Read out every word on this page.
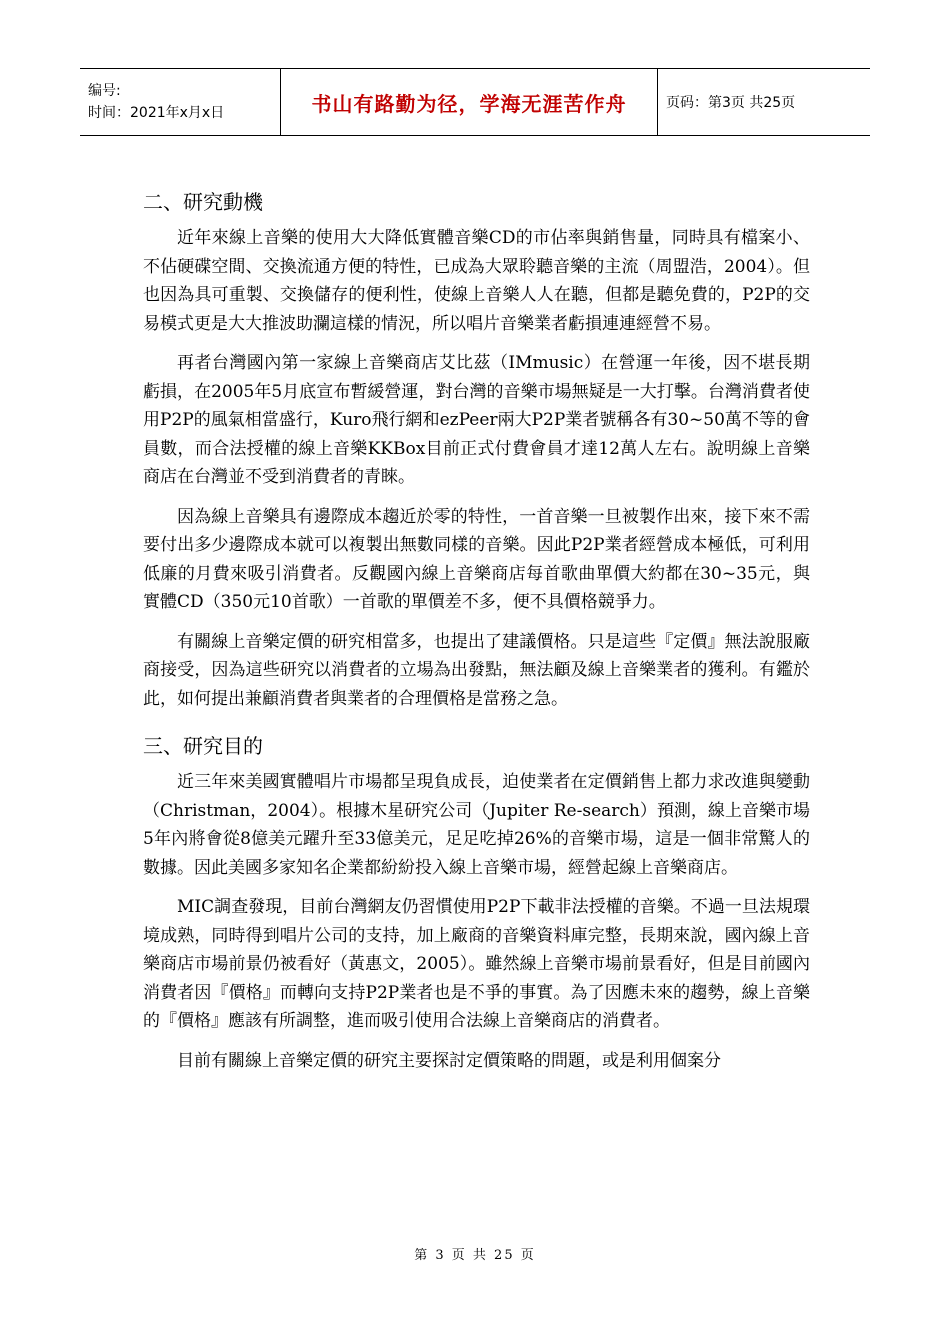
编号:
时间：2021年x月x日	书山有路勤为径，学海无涯苦作舟	页码：第3页 共25页
二、研究動機

近年來線上音樂的使用大大降低實體音樂CD的市佔率與銷售量，同時具有檔案小、不佔硬碟空間、交換流通方便的特性，已成為大眾聆聽音樂的主流（周盟浩，2004）。但也因為具可重製、交換儲存的便利性，使線上音樂人人在聽，但都是聽免費的，P2P的交易模式更是大大推波助瀾這樣的情況，所以唱片音樂業者虧損連連經營不易。

再者台灣國內第一家線上音樂商店艾比茲（IMmusic）在營運一年後，因不堪長期虧損，在2005年5月底宣布暫緩營運，對台灣的音樂市場無疑是一大打擊。台灣消費者使用P2P的風氣相當盛行，Kuro飛行網和ezPeer兩大P2P業者號稱各有30~50萬不等的會員數，而合法授權的線上音樂KKBox目前正式付費會員才達12萬人左右。說明線上音樂商店在台灣並不受到消費者的青睞。

因為線上音樂具有邊際成本趨近於零的特性，一首音樂一旦被製作出來，接下來不需要付出多少邊際成本就可以複製出無數同樣的音樂。因此P2P業者經營成本極低，可利用低廉的月費來吸引消費者。反觀國內線上音樂商店每首歌曲單價大約都在30~35元，與實體CD（350元10首歌）一首歌的單價差不多，便不具價格競爭力。

有關線上音樂定價的研究相當多，也提出了建議價格。只是這些『定價』無法說服廠商接受，因為這些研究以消費者的立場為出發點，無法顧及線上音樂業者的獲利。有鑑於此，如何提出兼顧消費者與業者的合理價格是當務之急。

三、研究目的

近三年來美國實體唱片市場都呈現負成長，迫使業者在定價銷售上都力求改進與變動（Christman，2004）。根據木星研究公司（Jupiter Re-search）預測，線上音樂市場5年內將會從8億美元躍升至33億美元，足足吃掉26%的音樂市場，這是一個非常驚人的數據。因此美國多家知名企業都紛紛投入線上音樂市場，經營起線上音樂商店。

MIC調查發現，目前台灣網友仍習慣使用P2P下載非法授權的音樂。不過一旦法規環境成熟，同時得到唱片公司的支持，加上廠商的音樂資料庫完整，長期來說，國內線上音樂商店市場前景仍被看好（黃惠文，2005）。雖然線上音樂市場前景看好，但是目前國內消費者因『價格』而轉向支持P2P業者也是不爭的事實。為了因應未來的趨勢，線上音樂的『價格』應該有所調整，進而吸引使用合法線上音樂商店的消費者。

目前有關線上音樂定價的研究主要探討定價策略的問題，或是利用個案分

第 3 页 共 25 页
